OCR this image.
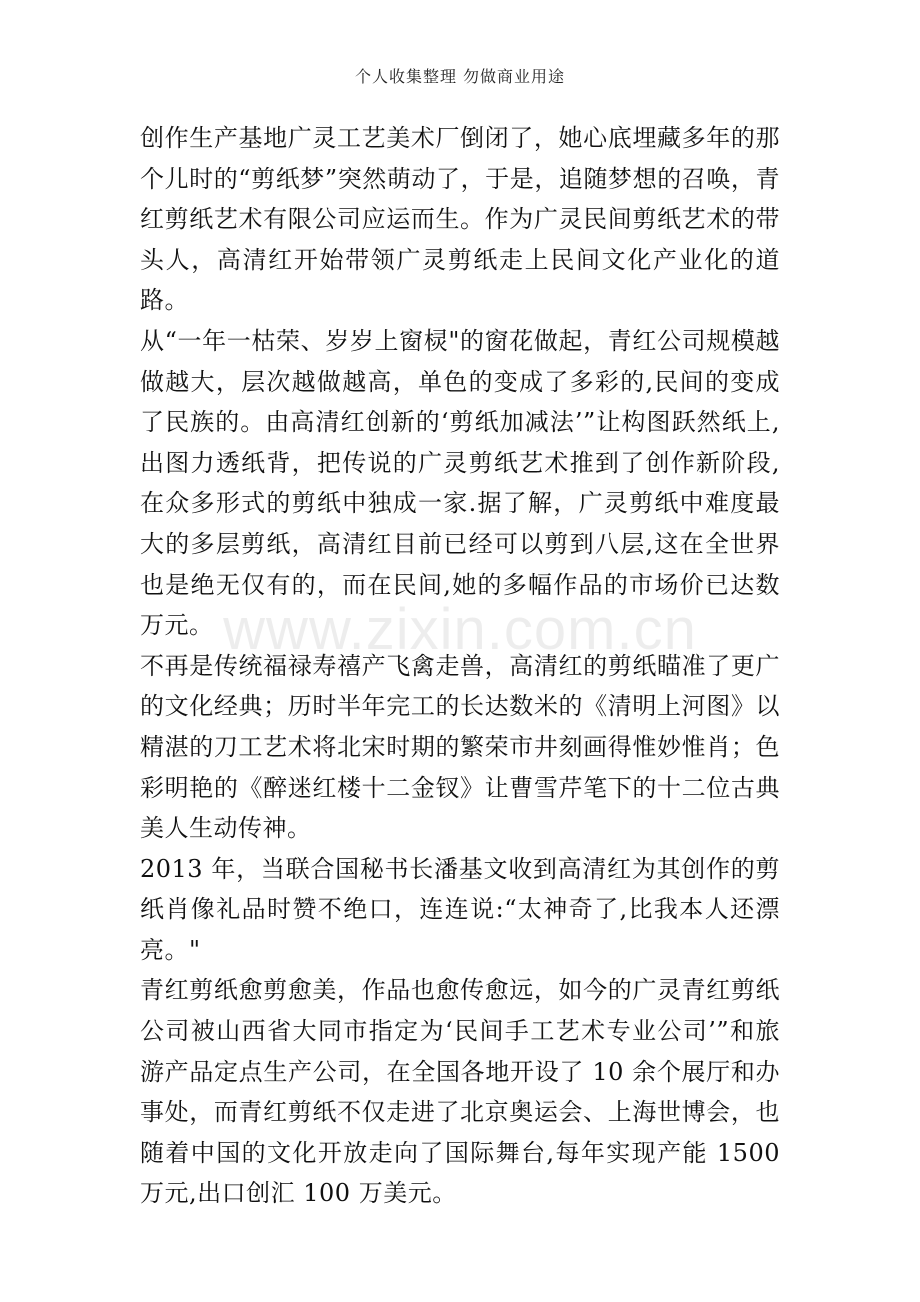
个人收集整理 勿做商业用途

创作生产基地广灵工艺美术厂倒闭了，她心底埋藏多年的那个儿时的“剪纸梦”突然萌动了，于是，追随梦想的召唤，青红剪纸艺术有限公司应运而生。作为广灵民间剪纸艺术的带头人，高清红开始带领广灵剪纸走上民间文化产业化的道路。

从“一年一枯荣、岁岁上窗棂"的窗花做起，青红公司规模越做越大，层次越做越高，单色的变成了多彩的,民间的变成了民族的。由高清红创新的‘剪纸加减法’”让构图跃然纸上,出图力透纸背，把传说的广灵剪纸艺术推到了创作新阶段,在众多形式的剪纸中独成一家.据了解，广灵剪纸中难度最大的多层剪纸，高清红目前已经可以剪到八层,这在全世界也是绝无仅有的，而在民间,她的多幅作品的市场价已达数万元。

不再是传统福禄寿禧产飞禽走兽，高清红的剪纸瞄准了更广的文化经典；历时半年完工的长达数米的《清明上河图》以精湛的刀工艺术将北宋时期的繁荣市井刻画得惟妙惟肖；色彩明艳的《醉迷红楼十二金钗》让曹雪芹笔下的十二位古典美人生动传神。

2013 年，当联合国秘书长潘基文收到高清红为其创作的剪纸肖像礼品时赞不绝口，连连说:“太神奇了,比我本人还漂亮。"

青红剪纸愈剪愈美，作品也愈传愈远，如今的广灵青红剪纸公司被山西省大同市指定为‘民间手工艺术专业公司’”和旅游产品定点生产公司，在全国各地开设了 10 余个展厅和办事处，而青红剪纸不仅走进了北京奥运会、上海世博会，也随着中国的文化开放走向了国际舞台,每年实现产能 1500 万元,出口创汇 100 万美元。

www.zixin.com.cn
